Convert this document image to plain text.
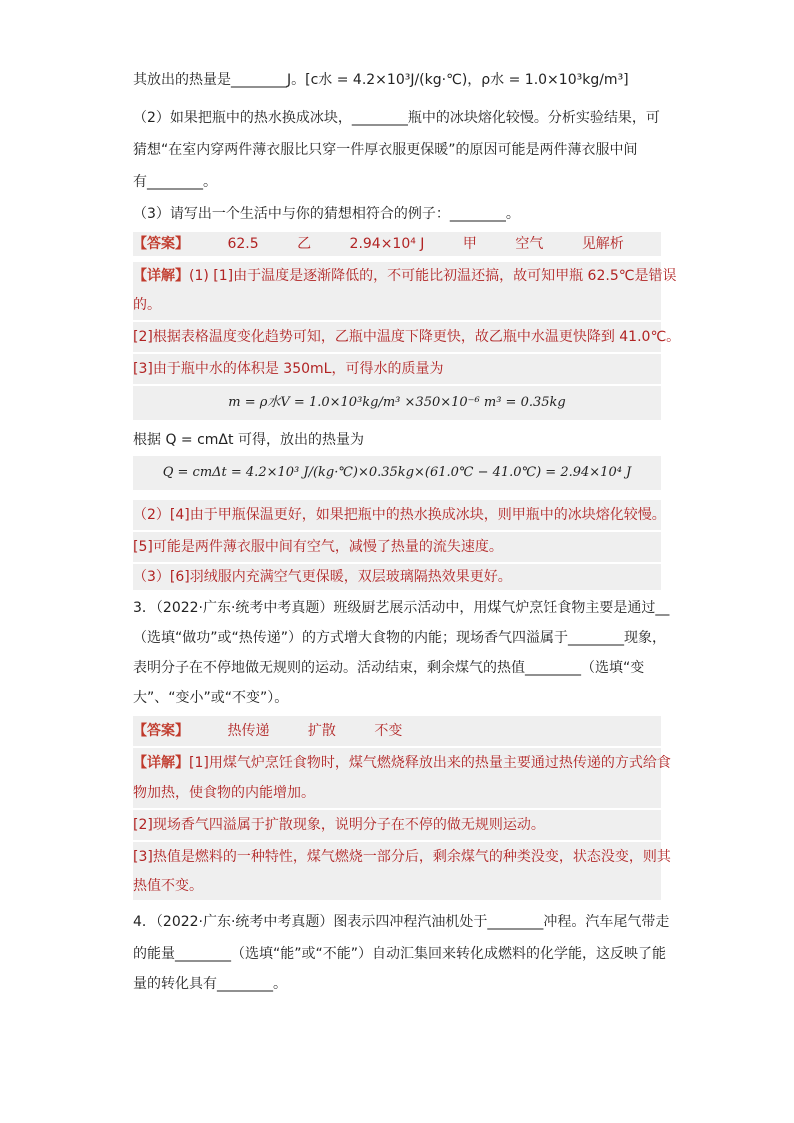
其放出的热量是________J。[c水 = 4.2×10³J/(kg·℃)，ρ水 = 1.0×10³kg/m³]
（2）如果把瓶中的热水换成冰块，________瓶中的冰块熔化较慢。分析实验结果，可
猜想“在室内穿两件薄衣服比只穿一件厚衣服更保暖”的原因可能是两件薄衣服中间
有________。
（3）请写出一个生活中与你的猜想相符合的例子：________。
【答案】	62.5	乙	2.94×10⁴ J	甲	空气	见解析
【详解】(1) [1]由于温度是逐渐降低的，不可能比初温还搞，故可知甲瓶 62.5℃是错误
的。
[2]根据表格温度变化趋势可知，乙瓶中温度下降更快，故乙瓶中水温更快降到 41.0℃。
[3]由于瓶中水的体积是 350mL，可得水的质量为
m = ρ水V = 1.0×10³kg/m³ ×350×10⁻⁶ m³ = 0.35kg
根据 Q = cmΔt 可得，放出的热量为
Q = cmΔt = 4.2×10³ J/(kg·℃)×0.35kg×(61.0℃ − 41.0℃) = 2.94×10⁴ J
（2）[4]由于甲瓶保温更好，如果把瓶中的热水换成冰块，则甲瓶中的冰块熔化较慢。
[5]可能是两件薄衣服中间有空气，减慢了热量的流失速度。
（3）[6]羽绒服内充满空气更保暖，双层玻璃隔热效果更好。
3．（2022·广东·统考中考真题）班级厨艺展示活动中，用煤气炉烹饪食物主要是通过__
（选填“做功”或“热传递”）的方式增大食物的内能；现场香气四溢属于________现象，
表明分子在不停地做无规则的运动。活动结束，剩余煤气的热值________（选填“变
大”、“变小”或“不变”）。
【答案】	热传递	扩散	不变
【详解】[1]用煤气炉烹饪食物时，煤气燃烧释放出来的热量主要通过热传递的方式给食
物加热，使食物的内能增加。
[2]现场香气四溢属于扩散现象，说明分子在不停的做无规则运动。
[3]热值是燃料的一种特性，煤气燃烧一部分后，剩余煤气的种类没变，状态没变，则其
热值不变。
4．（2022·广东·统考中考真题）图表示四冲程汽油机处于________冲程。汽车尾气带走
的能量________（选填“能”或“不能”）自动汇集回来转化成燃料的化学能，这反映了能
量的转化具有________。
